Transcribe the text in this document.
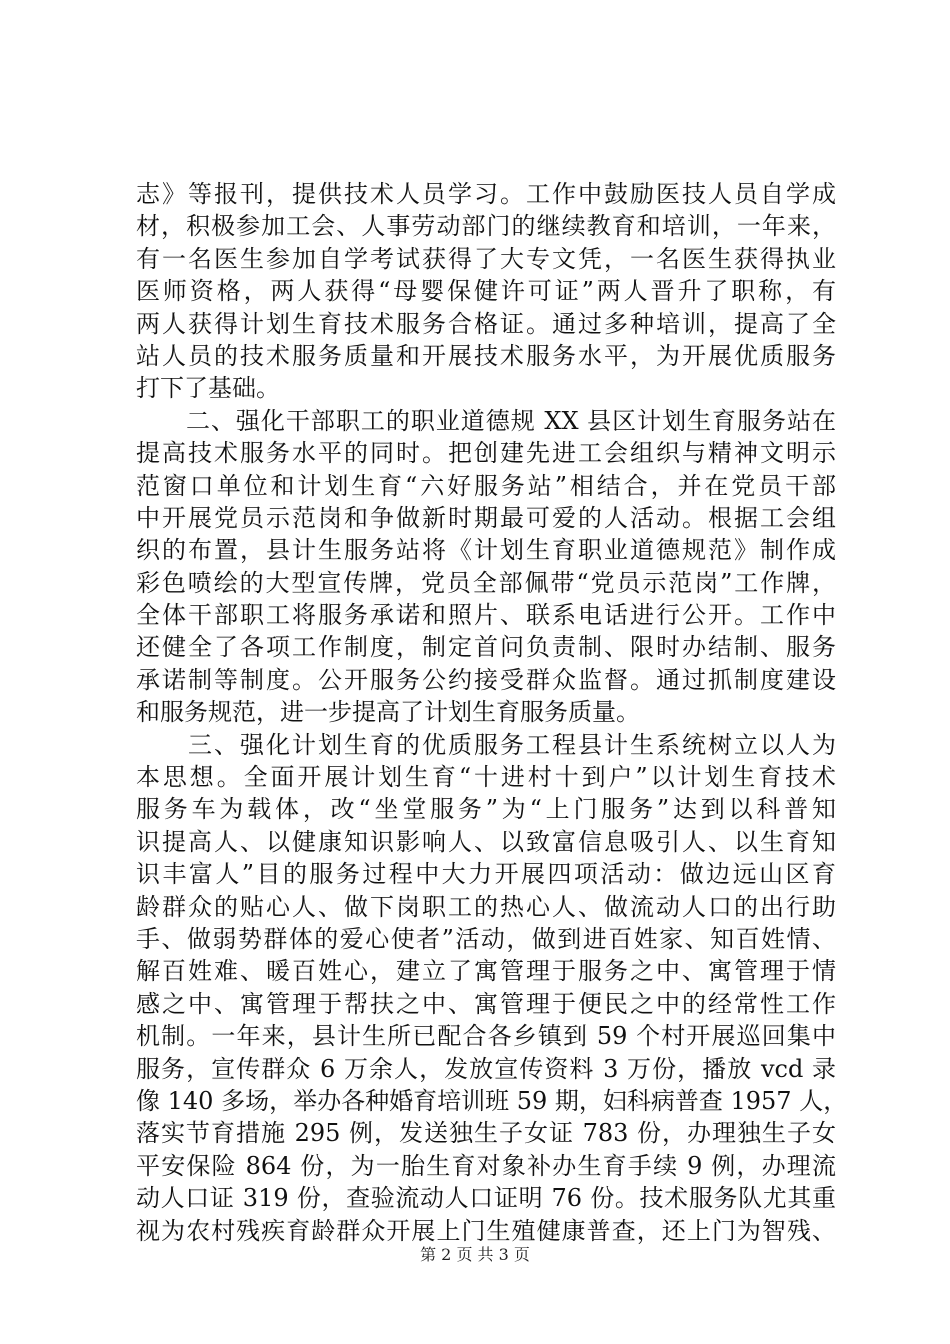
志》等报刊，提供技术人员学习。工作中鼓励医技人员自学成
材，积极参加工会、人事劳动部门的继续教育和培训，一年来，
有一名医生参加自学考试获得了大专文凭，一名医生获得执业
医师资格，两人获得“母婴保健许可证”两人晋升了职称，有
两人获得计划生育技术服务合格证。通过多种培训，提高了全
站人员的技术服务质量和开展技术服务水平，为开展优质服务
打下了基础。
　　二、强化干部职工的职业道德规 XX 县区计划生育服务站在
提高技术服务水平的同时。把创建先进工会组织与精神文明示
范窗口单位和计划生育“六好服务站”相结合，并在党员干部
中开展党员示范岗和争做新时期最可爱的人活动。根据工会组
织的布置，县计生服务站将《计划生育职业道德规范》制作成
彩色喷绘的大型宣传牌，党员全部佩带“党员示范岗”工作牌，
全体干部职工将服务承诺和照片、联系电话进行公开。工作中
还健全了各项工作制度，制定首问负责制、限时办结制、服务
承诺制等制度。公开服务公约接受群众监督。通过抓制度建设
和服务规范，进一步提高了计划生育服务质量。
　　三、强化计划生育的优质服务工程县计生系统树立以人为
本思想。全面开展计划生育“十进村十到户”以计划生育技术
服务车为载体，改“坐堂服务”为“上门服务”达到以科普知
识提高人、以健康知识影响人、以致富信息吸引人、以生育知
识丰富人”目的服务过程中大力开展四项活动：做边远山区育
龄群众的贴心人、做下岗职工的热心人、做流动人口的出行助
手、做弱势群体的爱心使者”活动，做到进百姓家、知百姓情、
解百姓难、暖百姓心，建立了寓管理于服务之中、寓管理于情
感之中、寓管理于帮扶之中、寓管理于便民之中的经常性工作
机制。一年来，县计生所已配合各乡镇到 59 个村开展巡回集中
服务，宣传群众 6 万余人，发放宣传资料 3 万份，播放 vcd 录
像 140 多场，举办各种婚育培训班 59 期，妇科病普查 1957 人，
落实节育措施 295 例，发送独生子女证 783 份，办理独生子女
平安保险 864 份，为一胎生育对象补办生育手续 9 例，办理流
动人口证 319 份，查验流动人口证明 76 份。技术服务队尤其重
视为农村残疾育龄群众开展上门生殖健康普查，还上门为智残、
第 2 页 共 3 页
